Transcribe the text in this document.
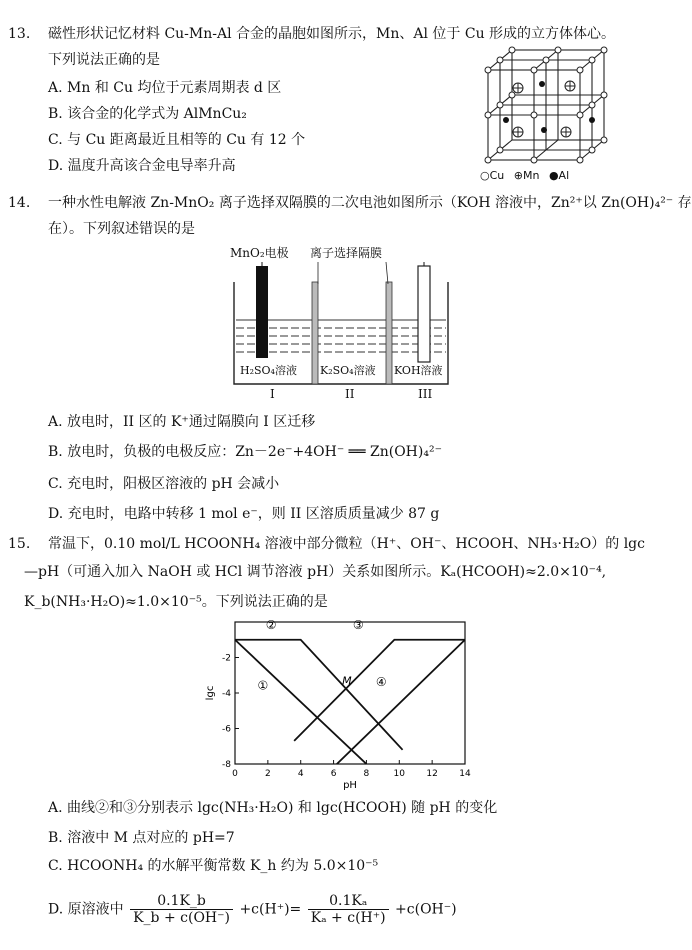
13. 磁性形状记忆材料 Cu-Mn-Al 合金的晶胞如图所示，Mn、Al 位于 Cu 形成的立方体体心。
下列说法正确的是
A. Mn 和 Cu 均位于元素周期表 d 区
B. 该合金的化学式为 AlMnCu₂
C. 与 Cu 距离最近且相等的 Cu 有 12 个
D. 温度升高该合金电导率升高
○Cu ⊕Mn ●Al
14. 一种水性电解液 Zn-MnO₂ 离子选择双隔膜的二次电池如图所示（KOH 溶液中，Zn²⁺以 Zn(OH)₄²⁻ 存
在）。下列叙述错误的是
MnO₂电极 离子选择隔膜
H₂SO₄溶液 K₂SO₄溶液 KOH溶液
I	II	III
A. 放电时，II 区的 K⁺通过隔膜向 I 区迁移
B. 放电时，负极的电极反应：Zn－2e⁻+4OH⁻ ══ Zn(OH)₄²⁻
C. 充电时，阳极区溶液的 pH 会减小
D. 充电时，电路中转移 1 mol e⁻，则 II 区溶质质量减少 87 g
15. 常温下，0.10 mol/L HCOONH₄ 溶液中部分微粒（H⁺、OH⁻、HCOOH、NH₃·H₂O）的 lgc
—pH（可通入加入 NaOH 或 HCl 调节溶液 pH）关系如图所示。Kₐ(HCOOH)≈2.0×10⁻⁴,
K_b(NH₃·H₂O)≈1.0×10⁻⁵。下列说法正确的是
0	2	4	6	8	10 12 14
-2
-4
-6
-8
pH
lgc
①
②	③
④
M
A. 曲线②和③分别表示 lgc(NH₃·H₂O) 和 lgc(HCOOH) 随 pH 的变化
B. 溶液中 M 点对应的 pH=7
C. HCOONH₄ 的水解平衡常数 K_h 约为 5.0×10⁻⁵
D. 原溶液中 $\frac{0.1K\_b}{K\_b + c(OH^-)} +c(H^+)= \frac{\text{0.1Kₐ}}{\text{Kₐ + c(H⁺)}} +c(OH^-)$
